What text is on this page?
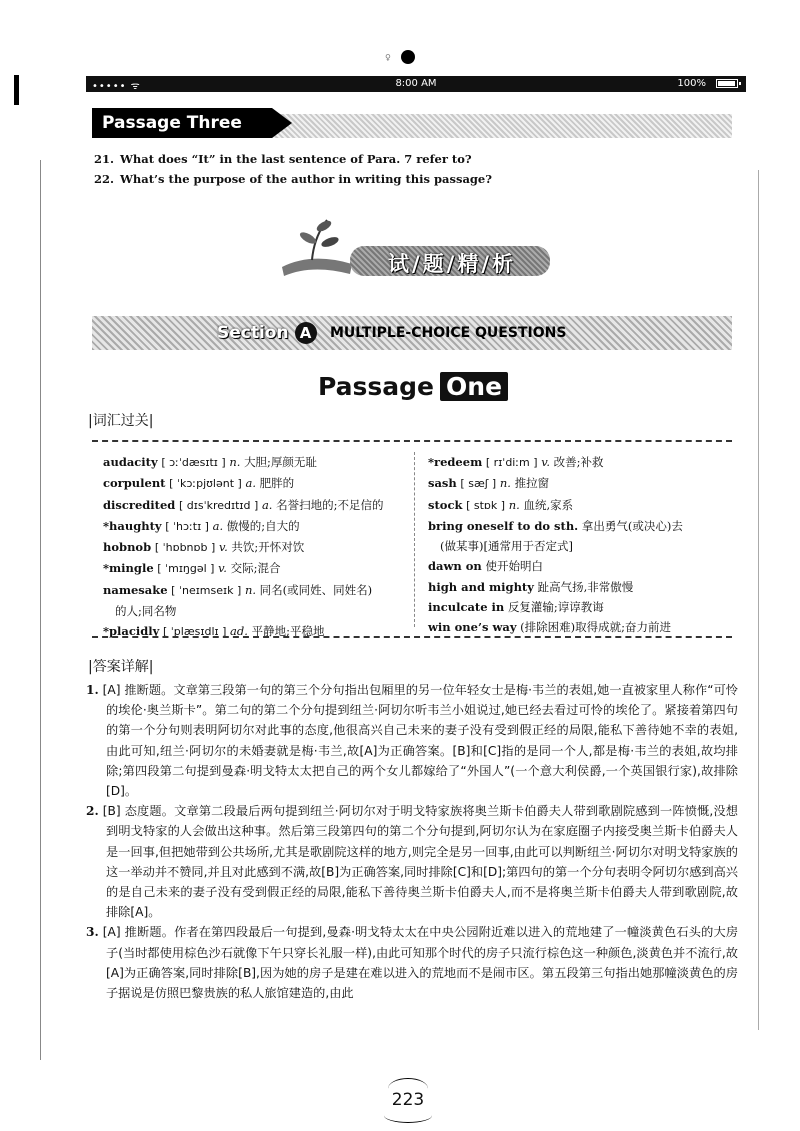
♀
••••• ᯤ	8:00 AM	100%
Passage Three
21. What does “It” in the last sentence of Para. 7 refer to?
22. What’s the purpose of the author in writing this passage?
试/题/精/析
Section A	MULTIPLE-CHOICE QUESTIONS
Passage One
|词汇过关|
audacity [ ɔːˈdæsɪtɪ ] n. 大胆;厚颜无耻
corpulent [ ˈkɔːpjʊlənt ] a. 肥胖的
discredited [ dɪsˈkredɪtɪd ] a. 名誉扫地的;不足信的
*haughty [ ˈhɔːtɪ ] a. 傲慢的;自大的
hobnob [ ˈhɒbnɒb ] v. 共饮;开怀对饮
*mingle [ ˈmɪŋgəl ] v. 交际;混合
namesake [ ˈneɪmseɪk ] n. 同名(或同姓、同姓名)
的人;同名物
*placidly [ ˈplæsɪdlɪ ] ad. 平静地;平稳地
*redeem [ rɪˈdiːm ] v. 改善;补救
sash [ sæʃ ] n. 推拉窗
stock [ stɒk ] n. 血统,家系
bring oneself to do sth. 拿出勇气(或决心)去
(做某事)[通常用于否定式]
dawn on 使开始明白
high and mighty 趾高气扬,非常傲慢
inculcate in 反复灌输;谆谆教诲
win one’s way (排除困难)取得成就;奋力前进
|答案详解|

1. [A] 推断题。文章第三段第一句的第三个分句指出包厢里的另一位年轻女士是梅·韦兰的表姐,她一直被家里人称作“可怜的埃伦·奥兰斯卡”。第二句的第二个分句提到纽兰·阿切尔听韦兰小姐说过,她已经去看过可怜的埃伦了。紧接着第四句的第一个分句则表明阿切尔对此事的态度,他很高兴自己未来的妻子没有受到假正经的局限,能私下善待她不幸的表姐,由此可知,纽兰·阿切尔的未婚妻就是梅·韦兰,故[A]为正确答案。[B]和[C]指的是同一个人,都是梅·韦兰的表姐,故均排除;第四段第二句提到曼森·明戈特太太把自己的两个女儿都嫁给了“外国人”(一个意大利侯爵,一个英国银行家),故排除[D]。

2. [B] 态度题。文章第二段最后两句提到纽兰·阿切尔对于明戈特家族将奥兰斯卡伯爵夫人带到歌剧院感到一阵愤慨,没想到明戈特家的人会做出这种事。然后第三段第四句的第二个分句提到,阿切尔认为在家庭圈子内接受奥兰斯卡伯爵夫人是一回事,但把她带到公共场所,尤其是歌剧院这样的地方,则完全是另一回事,由此可以判断纽兰·阿切尔对明戈特家族的这一举动并不赞同,并且对此感到不满,故[B]为正确答案,同时排除[C]和[D];第四句的第一个分句表明令阿切尔感到高兴的是自己未来的妻子没有受到假正经的局限,能私下善待奥兰斯卡伯爵夫人,而不是将奥兰斯卡伯爵夫人带到歌剧院,故排除[A]。

3. [A] 推断题。作者在第四段最后一句提到,曼森·明戈特太太在中央公园附近难以进入的荒地建了一幢淡黄色石头的大房子(当时都使用棕色沙石就像下午只穿长礼服一样),由此可知那个时代的房子只流行棕色这一种颜色,淡黄色并不流行,故[A]为正确答案,同时排除[B],因为她的房子是建在难以进入的荒地而不是闹市区。第五段第三句指出她那幢淡黄色的房子据说是仿照巴黎贵族的私人旅馆建造的,由此

223
